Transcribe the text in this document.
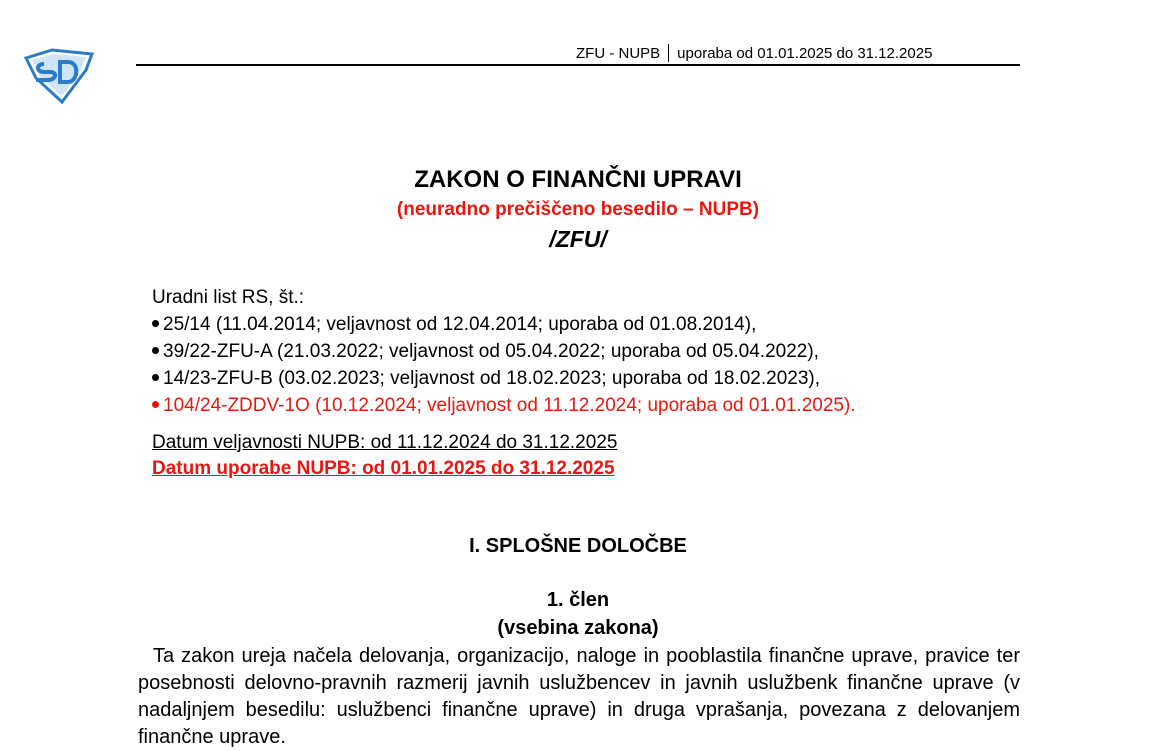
ZFU - NUPB uporaba od 01.01.2025 do 31.12.2025
ZAKON O FINANČNI UPRAVI
(neuradno prečiščeno besedilo – NUPB)
/ZFU/
Uradni list RS, št.:
25/14 (11.04.2014; veljavnost od 12.04.2014; uporaba od 01.08.2014),
39/22-ZFU-A (21.03.2022; veljavnost od 05.04.2022; uporaba od 05.04.2022),
14/23-ZFU-B (03.02.2023; veljavnost od 18.02.2023; uporaba od 18.02.2023),
104/24-ZDDV-1O (10.12.2024; veljavnost od 11.12.2024; uporaba od 01.01.2025).
Datum veljavnosti NUPB: od 11.12.2024 do 31.12.2025
Datum uporabe NUPB: od 01.01.2025 do 31.12.2025
I. SPLOŠNE DOLOČBE
1. člen
(vsebina zakona)
Ta zakon ureja načela delovanja, organizacijo, naloge in pooblastila finančne uprave, pravice ter posebnosti delovno-pravnih razmerij javnih uslužbencev in javnih uslužbenk finančne uprave (v nadaljnjem besedilu: uslužbenci finančne uprave) in druga vprašanja, povezana z delovanjem finančne uprave.
